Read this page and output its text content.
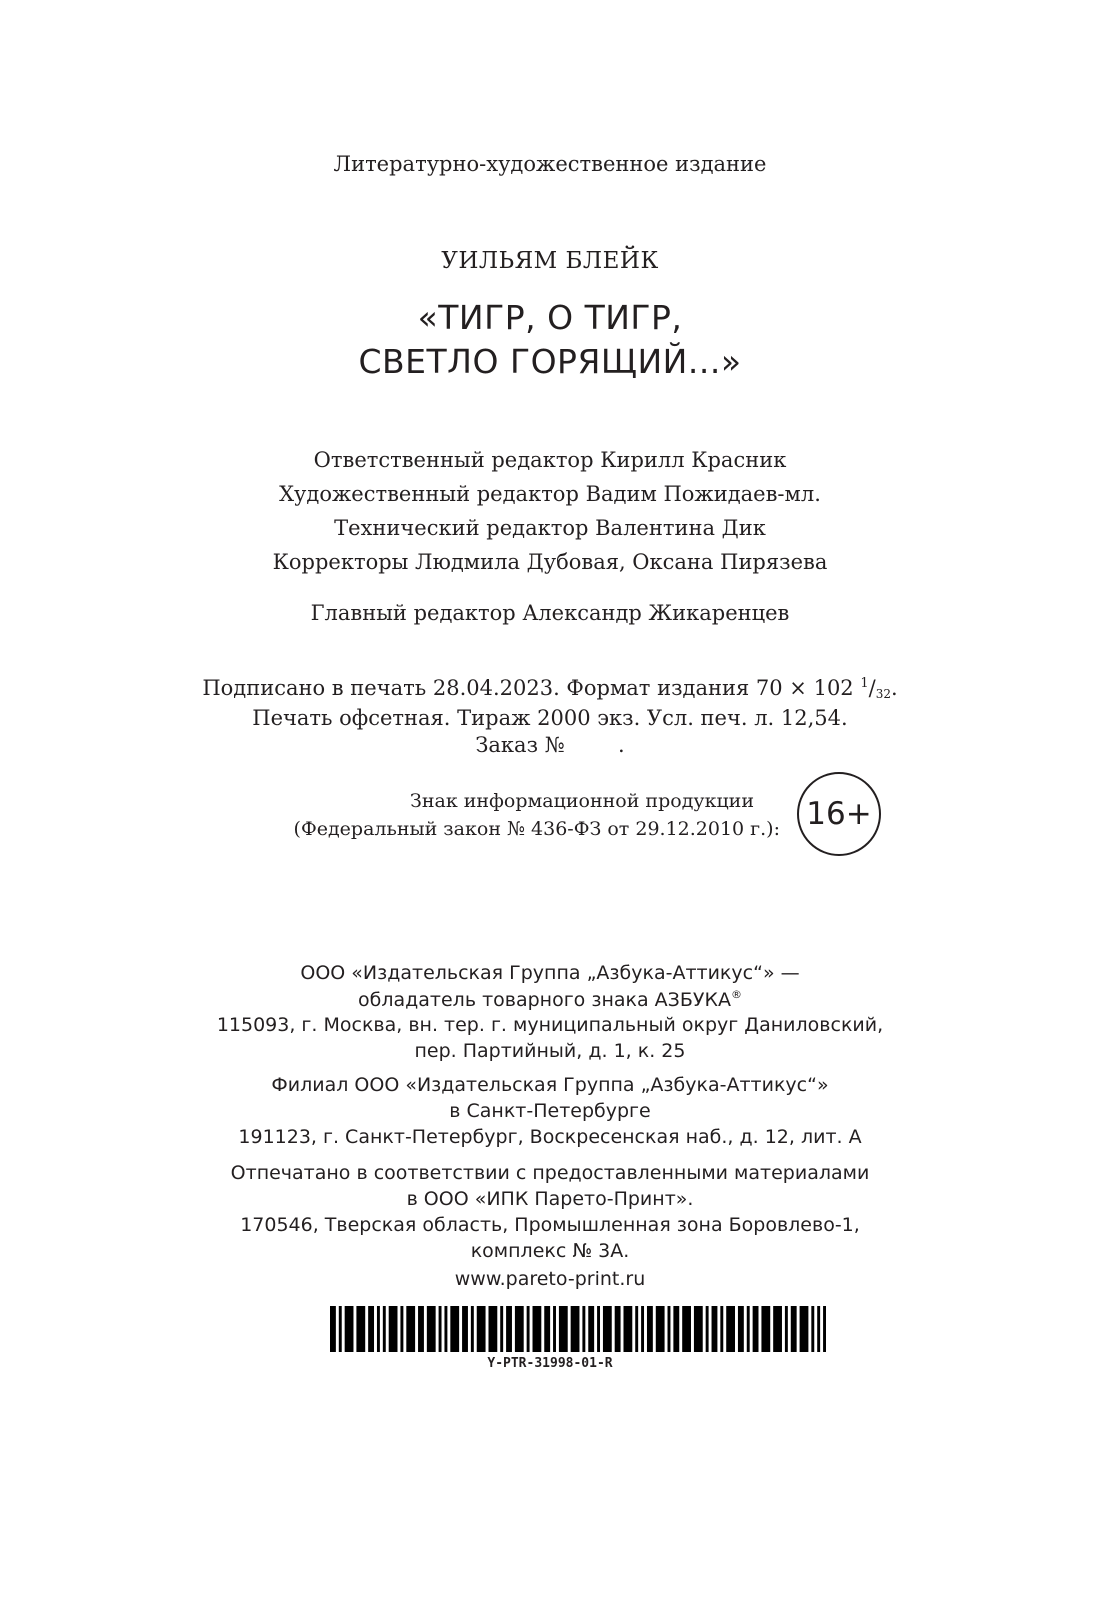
Литературно-художественное издание
УИЛЬЯМ БЛЕЙК
«ТИГР, О ТИГР,
СВЕТЛО ГОРЯЩИЙ...»
Ответственный редактор Кирилл Красник
Художественный редактор Вадим Пожидаев-мл.
Технический редактор Валентина Дик
Корректоры Людмила Дубовая, Оксана Пирязева
Главный редактор Александр Жикаренцев
Подписано в печать 28.04.2023. Формат издания 70 × 102 $^1/_{32}$.
Печать офсетная. Тираж 2000 экз. Усл. печ. л. 12,54.
Заказ №        .
Знак информационной продукции
(Федеральный закон № 436-ФЗ от 29.12.2010 г.): 16+
ООО «Издательская Группа „Азбука-Аттикус“» —
обладатель товарного знака АЗБУКА®
115093, г. Москва, вн. тер. г. муниципальный округ Даниловский,
пер. Партийный, д. 1, к. 25
Филиал ООО «Издательская Группа „Азбука-Аттикус“»
в Санкт-Петербурге
191123, г. Санкт-Петербург, Воскресенская наб., д. 12, лит. А
Отпечатано в соответствии с предоставленными материалами
в ООО «ИПК Парето-Принт».
170546, Тверская область, Промышленная зона Боровлево-1,
комплекс № 3А.
www.pareto-print.ru
Y-PTR-31998-01-R
